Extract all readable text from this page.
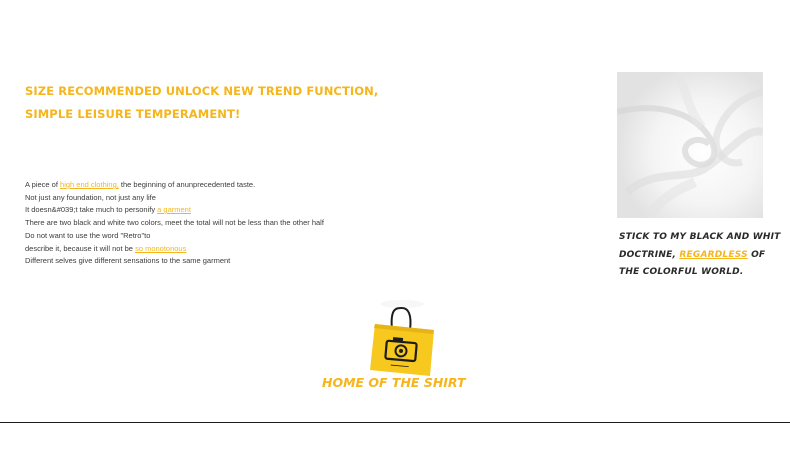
SIZE RECOMMENDED UNLOCK NEW TREND FUNCTION,
SIMPLE LEISURE TEMPERAMENT!

A piece of high end clothing, the beginning of anunprecedented taste.

Not just any foundation, not just any life

It doesn&#039;t take much to personify a garment

There are two black and white two colors, meet the total will not be less than the other half

Do not want to use the word "Retro"to

describe it, because it will not be so monotonous

Different selves give different sensations to the same garment

STICK TO MY BLACK AND WHIT

DOCTRINE, REGARDLESS OF

THE COLORFUL WORLD.

HOME OF THE SHIRT
